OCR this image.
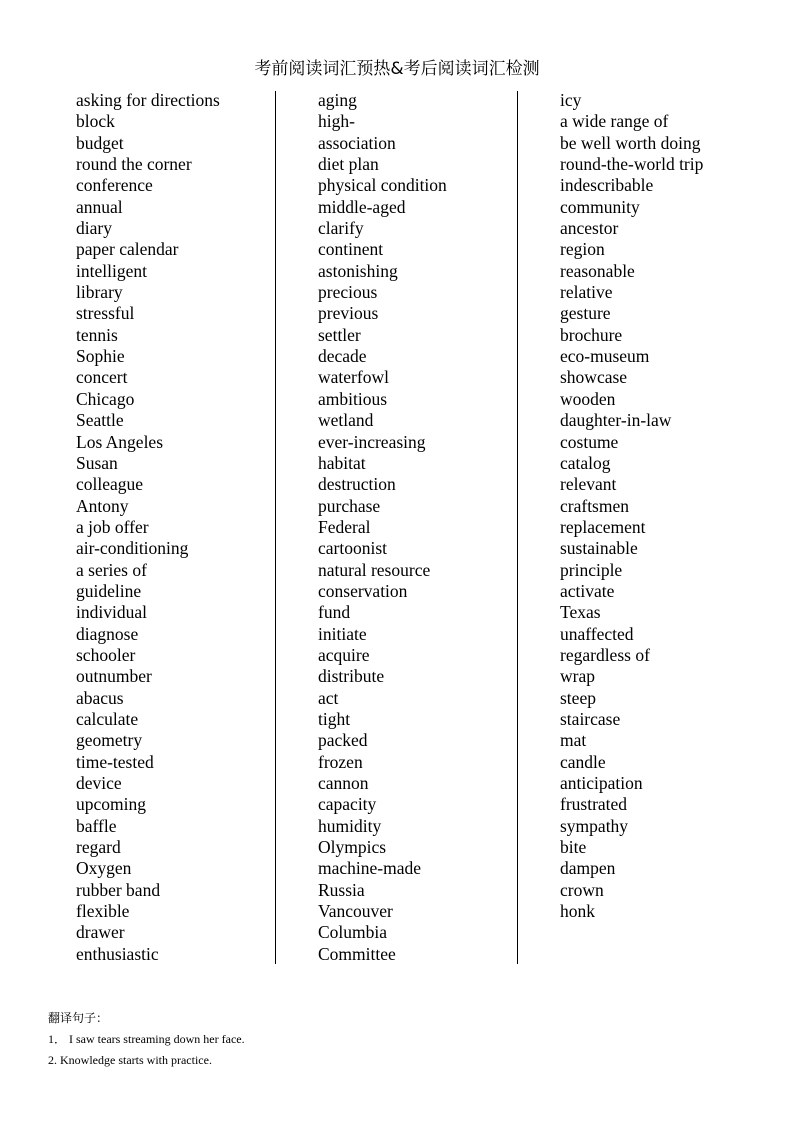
考前阅读词汇预热&考后阅读词汇检测
asking for directions
block
budget
round the corner
conference
annual
diary
paper calendar
intelligent
library
stressful
tennis
Sophie
concert
Chicago
Seattle
Los Angeles
Susan
colleague
Antony
a job offer
air-conditioning
a series of
guideline
individual
diagnose
schooler
outnumber
abacus
calculate
geometry
time-tested
device
upcoming
baffle
regard
Oxygen
rubber band
flexible
drawer
enthusiastic
aging
high-
association
diet plan
physical condition
middle-aged
clarify
continent
astonishing
precious
previous
settler
decade
waterfowl
ambitious
wetland
ever-increasing
habitat
destruction
purchase
Federal
cartoonist
natural resource
conservation
fund
initiate
acquire
distribute
act
tight
packed
frozen
cannon
capacity
humidity
Olympics
machine-made
Russia
Vancouver
Columbia
Committee
icy
a wide range of
be well worth doing
round-the-world trip
indescribable
community
ancestor
region
reasonable
relative
gesture
brochure
eco-museum
showcase
wooden
daughter-in-law
costume
catalog
relevant
craftsmen
replacement
sustainable
principle
activate
Texas
unaffected
regardless of
wrap
steep
staircase
mat
candle
anticipation
frustrated
sympathy
bite
dampen
crown
honk
翻译句子：
1． I saw tears streaming down her face.
2. Knowledge starts with practice.
